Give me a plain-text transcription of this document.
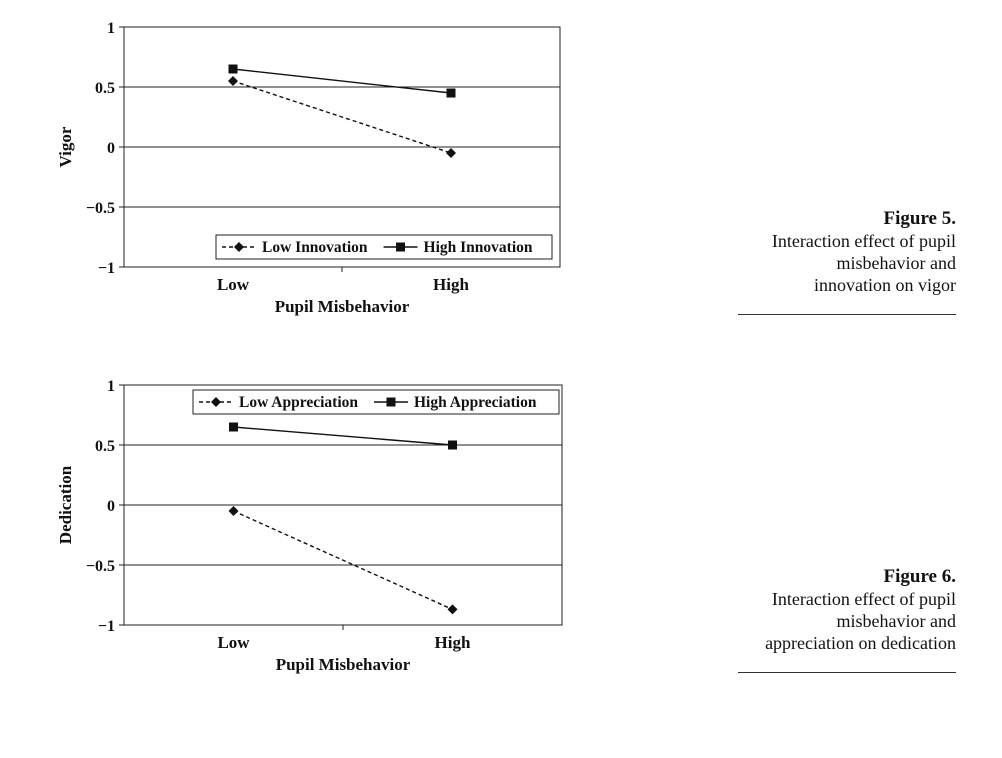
1
0.5
0
−0.5
−1
Low	High
Pupil Misbehavior
Vigor
Low Innovation	High Innovation
Figure 5.
Interaction effect of pupil
misbehavior and
innovation on vigor
1
0.5
0
−0.5
−1
Low	High
Pupil Misbehavior
Dedication
Low Appreciation	High Appreciation
Figure 6.
Interaction effect of pupil
misbehavior and
appreciation on dedication
